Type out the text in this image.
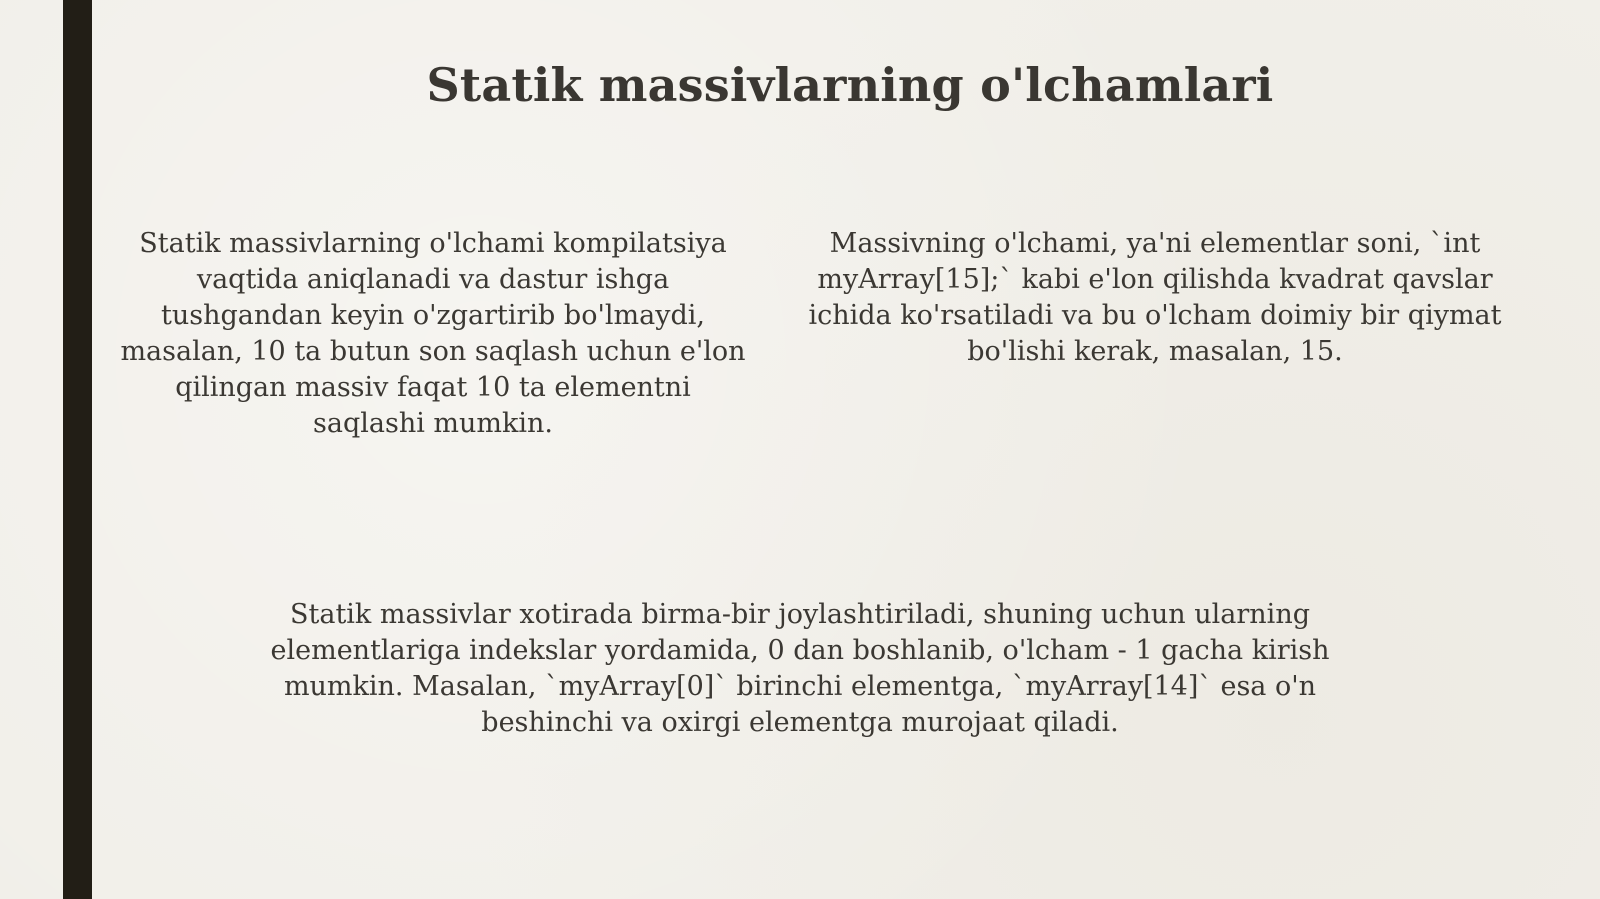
Statik massivlarning o'lchamlari

Statik massivlarning o'lchami kompilatsiya vaqtida aniqlanadi va dastur ishga tushgandan keyin o'zgartirib bo'lmaydi, masalan, 10 ta butun son saqlash uchun e'lon qilingan massiv faqat 10 ta elementni saqlashi mumkin.

Massivning o'lchami, ya'ni elementlar soni, `int myArray[15];` kabi e'lon qilishda kvadrat qavslar ichida ko'rsatiladi va bu o'lcham doimiy bir qiymat bo'lishi kerak, masalan, 15.

Statik massivlar xotirada birma-bir joylashtiriladi, shuning uchun ularning elementlariga indekslar yordamida, 0 dan boshlanib, o'lcham - 1 gacha kirish mumkin. Masalan, `myArray[0]` birinchi elementga, `myArray[14]` esa o'n beshinchi va oxirgi elementga murojaat qiladi.
